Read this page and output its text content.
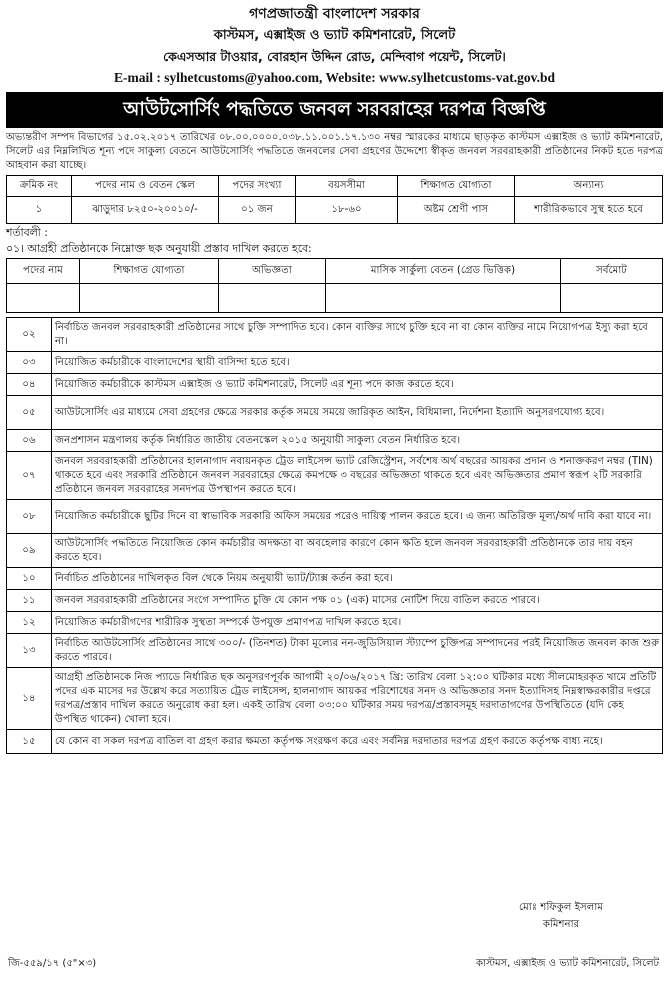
গণপ্রজাতন্ত্রী বাংলাদেশ সরকার
কাস্টমস, এক্সাইজ ও ভ্যাট কমিশনারেট, সিলেট
কেএসআর টাওয়ার, বোরহান উদ্দিন রোড, মেন্দিবাগ পয়েন্ট, সিলেট।
E-mail : sylhetcustoms@yahoo.com, Website: www.sylhetcustoms-vat.gov.bd
আউটসোর্সিং পদ্ধতিতে জনবল সরবরাহের দরপত্র বিজ্ঞপ্তি
অভ্যন্তরীণ সম্পদ বিভাগের ১৫.০২.২০১৭ তারিখের ০৮.০০.০০০০.০৩৮.১১.০০১.১৭.১৩০ নম্বর স্মারকের মাধ্যমে ছাড়কৃত কাস্টমস এক্সাইজ ও ভ্যাট কমিশনারেট, সিলেট এর নিম্নলিখিত শূন্য পদে সাকুল্য বেতনে আউটসোর্সিং পদ্ধতিতে জনবলের সেবা গ্রহণের উদ্দেশ্যে স্বীকৃত জনবল সরবরাহকারী প্রতিষ্ঠানের নিকট হতে দরপত্র আহবান করা যাচ্ছে।
ক্রমিক নং	পদের নাম ও বেতন স্কেল	পদের সংখ্যা	বয়সসীমা	শিক্ষাগত যোগ্যতা	অন্যান্য
১	ঝাড়ুদার ৮২৫০-২০০১০/-	০১ জন	১৮-৬০	অষ্টম শ্রেণী পাস	শারীরিকভাবে সুস্থ হতে হবে
শর্তাবলী :
০১। আগ্রহী প্রতিষ্ঠানকে নিম্নোক্ত ছক অনুযায়ী প্রস্তাব দাখিল করতে হবে:
পদের নাম	শিক্ষাগত যোগ্যতা	অভিজ্ঞতা	মাসিক সার্কুল্য বেতন (গ্রেড ভিত্তিক)	সর্বমোট

০২	নির্বাচিত জনবল সরবরাহকারী প্রতিষ্ঠানের সাথে চুক্তি সম্পাদিত হবে। কোন ব্যক্তির সাথে চুক্তি হবে না বা কোন ব্যক্তির নামে নিয়োগপত্র ইস্যু করা হবে না।
০৩	নিয়োজিত কর্মচারীকে বাংলাদেশের স্থায়ী বাসিন্দা হতে হবে।
০৪	নিয়োজিত কর্মচারীকে কাস্টমস এক্সাইজ ও ভ্যাট কমিশনারেট, সিলেট এর শূন্য পদে কাজ করতে হবে।
০৫	আউটসোর্সিং এর মাধ্যমে সেবা গ্রহণের ক্ষেত্রে সরকার কর্তৃক সময়ে সময়ে জারিকৃত আইন, বিধিমালা, নির্দেশনা ইত্যাদি অনুসরণযোগ্য হবে।
০৬	জনপ্রশাসন মন্ত্রণালয় কর্তৃক নির্ধারিত জাতীয় বেতনস্কেল ২০১৫ অনুযায়ী সাকুল্য বেতন নির্ধারিত হবে।
০৭	জনবল সরবরাহকারী প্রতিষ্ঠানের হালনাগাদ নবায়নকৃত ট্রেড লাইসেন্স ভ্যাট রেজিস্ট্রেশন, সর্বশেষ অর্থ বছরের আয়কর প্রদান ও শনাক্তকরণ নম্বর (TIN) থাকতে হবে এবং সরকারি প্রতিষ্ঠানে জনবল সরবরাহের ক্ষেত্রে কমপক্ষে ৩ বছরের অভিজ্ঞতা থাকতে হবে এবং অভিজ্ঞতার প্রমাণ স্বরূপ ২টি সরকারি প্রতিষ্ঠানে জনবল সরবরাহের সনদপত্র উপস্থাপন করতে হবে।
০৮	নিয়োজিত কর্মচারীকে ছুটির দিনে বা স্বাভাবিক সরকারি অফিস সময়ের পরেও দায়িত্ব পালন করতে হবে। এ জন্য অতিরিক্ত মূল্য/অর্থ দাবি করা যাবে না।
০৯	আউটসোর্সিং পদ্ধতিতে নিয়োজিত কোন কর্মচারীর অদক্ষতা বা অবহেলার কারণে কোন ক্ষতি হলে জনবল সরবরাহকারী প্রতিষ্ঠানকে তার দায় বহন করতে হবে।
১০	নির্বাচিত প্রতিষ্ঠানের দাখিলকৃত বিল থেকে নিয়ম অনুযায়ী ভ্যাট/ট্যাক্স কর্তন করা হবে।
১১	জনবল সরবরাহকারী প্রতিষ্ঠানের সংগে সম্পাদিত চুক্তি যে কোন পক্ষ ০১ (এক) মাসের নোটিশ দিয়ে বাতিল করতে পারবে।
১২	নিয়োজিত কর্মচারীগণের শারীরিক সুস্থতা সম্পর্কে উপযুক্ত প্রমাণপত্র দাখিল করতে হবে।
১৩	নির্বাচিত আউটসোর্সিং প্রতিষ্ঠানের সাথে ৩০০/- (তিনশত) টাকা মূল্যের নন-জুডিসিয়াল স্ট্যাম্পে চুক্তিপত্র সম্পাদনের পরই নিয়োজিত জনবল কাজ শুরু করতে পারবে।
১৪	আগ্রহী প্রতিষ্ঠানকে নিজ প্যাডে নির্ধারিত ছক অনুসরণপূর্বক আগামী ২০/০৬/২০১৭ খ্রি: তারিখ বেলা ১২:০০ ঘটিকার মধ্যে সীলমোহরকৃত খামে প্রতিটি পদের এক মাসের দর উল্লেখ করে সত্যায়িত ট্রেড লাইসেন্স, হালনাগাদ আয়কর পরিশোধের সনদ ও অভিজ্ঞতার সনদ ইত্যাদিসহ নিম্নস্বাক্ষরকারীর দপ্তরে দরপত্র/প্রস্তাব দাখিল করতে অনুরোধ করা হল। একই তারিখ বেলা ০৩:০০ ঘটিকার সময় দরপত্র/প্রস্তাবসমূহ দরদাতাগণের উপস্থিতিতে (যদি কেহ উপস্থিত থাকেন) খোলা হবে।
১৫	যে কোন বা সকল দরপত্র বাতিল বা গ্রহণ করার ক্ষমতা কর্তৃপক্ষ সংরক্ষণ করে এবং সর্বনিম্ন দরদাতার দরপত্র গ্রহণ করতে কর্তৃপক্ষ বাধ্য নহে।
মোঃ শফিকুল ইসলাম
কমিশনার
জি-৫৫৯/১৭ (৫"×৩)	কাস্টমস, এক্সাইজ ও ভ্যাট কমিশনারেট, সিলেট
